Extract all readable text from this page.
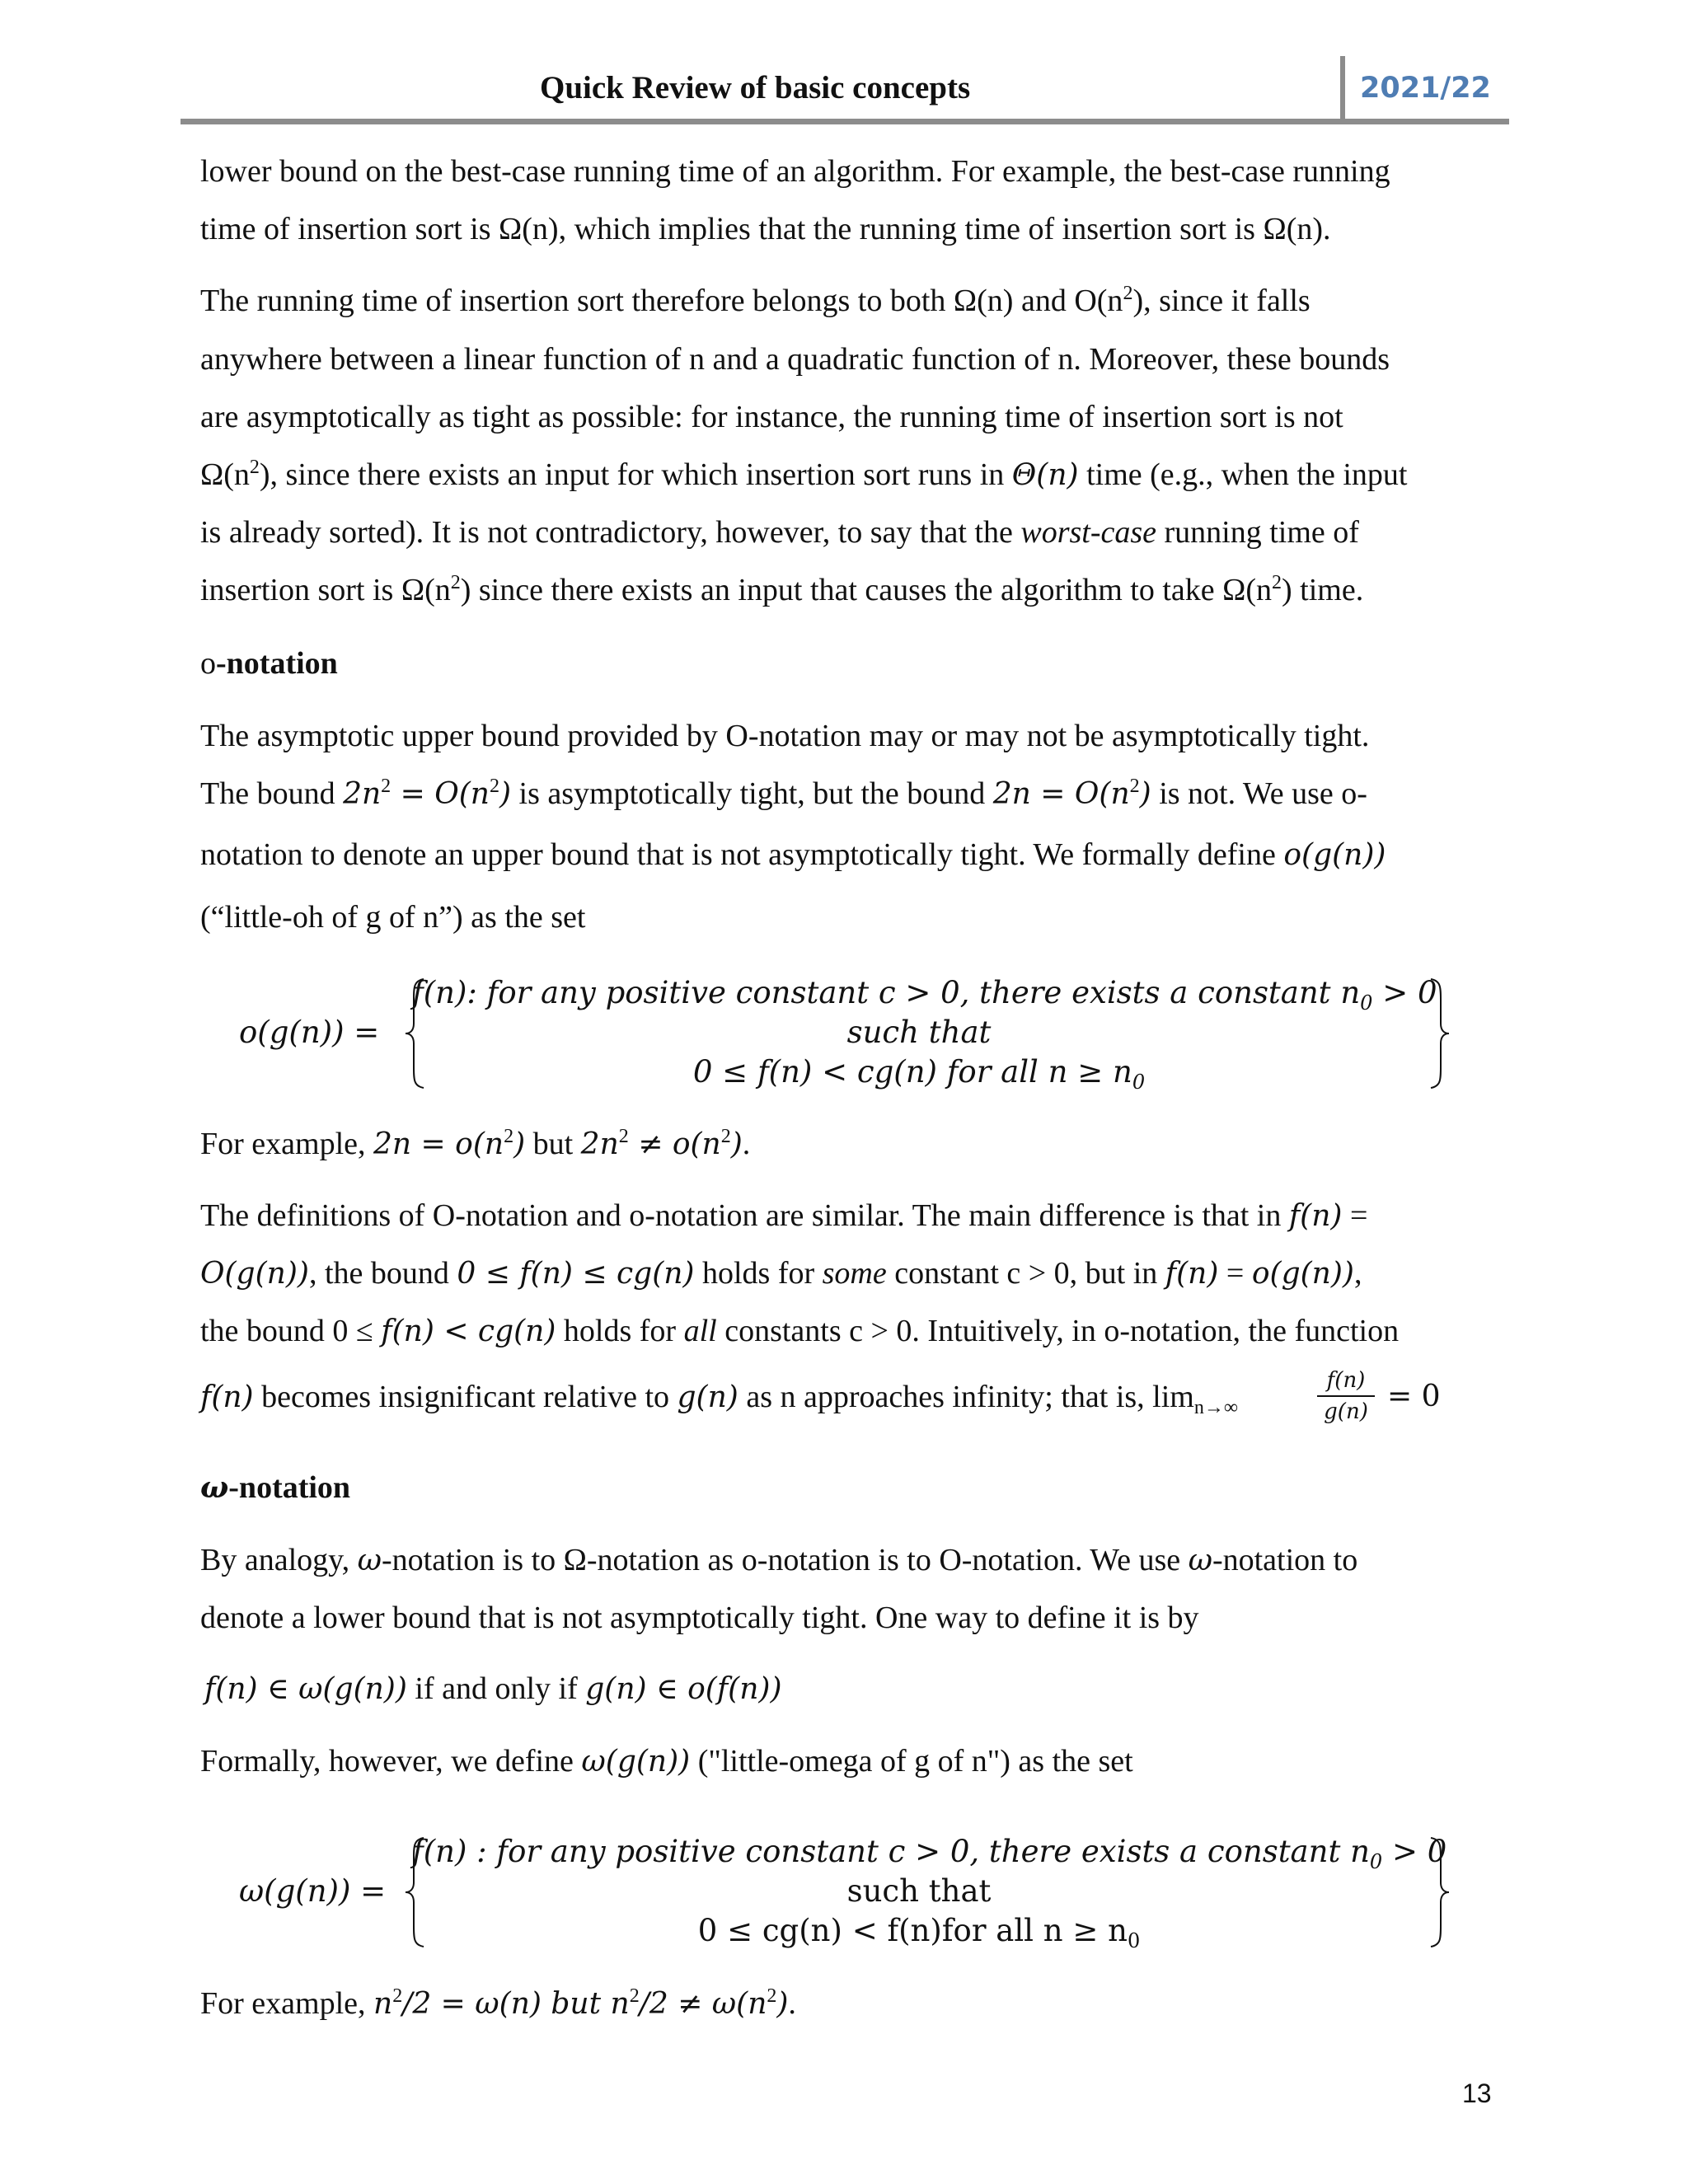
Quick Review of basic concepts	2021/22
lower bound on the best-case running time of an algorithm. For example, the best-case running
time of insertion sort is Ω(n), which implies that the running time of insertion sort is Ω(n).
The running time of insertion sort therefore belongs to both Ω(n) and $O(n^2)$, since it falls
anywhere between a linear function of n and a quadratic function of n. Moreover, these bounds
are asymptotically as tight as possible: for instance, the running time of insertion sort is not
$\Omega(n^2)$, since there exists an input for which insertion sort runs in Θ(n) time (e.g., when the input
is already sorted). It is not contradictory, however, to say that the worst-case running time of
insertion sort is $\Omega(n^2)$ since there exists an input that causes the algorithm to take $\Omega(n^2)$ time.
o-notation
The asymptotic upper bound provided by O-notation may or may not be asymptotically tight.
The bound $2n^2 = O(n^2)$ is asymptotically tight, but the bound $2n = O(n^2)$ is not. We use o-
notation to denote an upper bound that is not asymptotically tight. We formally define o(g(n))
(“little-oh of g of n”) as the set
o(g(n)) =
f(n): for any positive constant c > 0, there exists a constant $n_0 > 0$
such that
0 ≤ f(n) < cg(n) for all $n \ge n_0$
For example, $2n = o(n^2)$ but $2n^2 \ne o(n^2)$.
The definitions of O-notation and o-notation are similar. The main difference is that in f(n) =
O(g(n)), the bound 0 ≤ f(n) ≤ cg(n) holds for some constant c > 0, but in f(n) = o(g(n)),
the bound 0 ≤ f(n) < cg(n) holds for all constants c > 0. Intuitively, in o-notation, the function
f(n) becomes insignificant relative to g(n) as n approaches infinity; that is, $\lim_{n\to\infty}$
f(n)
g(n) = 0
ω-notation
By analogy, ω-notation is to Ω-notation as o-notation is to O-notation. We use ω-notation to
denote a lower bound that is not asymptotically tight. One way to define it is by
f(n) ∈ ω(g(n)) if and only if g(n) ∈ o(f(n))
Formally, however, we define ω(g(n)) ("little-omega of g of n") as the set
ω(g(n)) =
f(n) : for any positive constant c > 0, there exists a constant $n_0 > 0$
such that
0 ≤ cg(n) < f(n)for all $n \ge n_0$
For example, $n^2/2 = \omega(n)$ but $n^2/2 \ne \omega(n^2)$.
13
